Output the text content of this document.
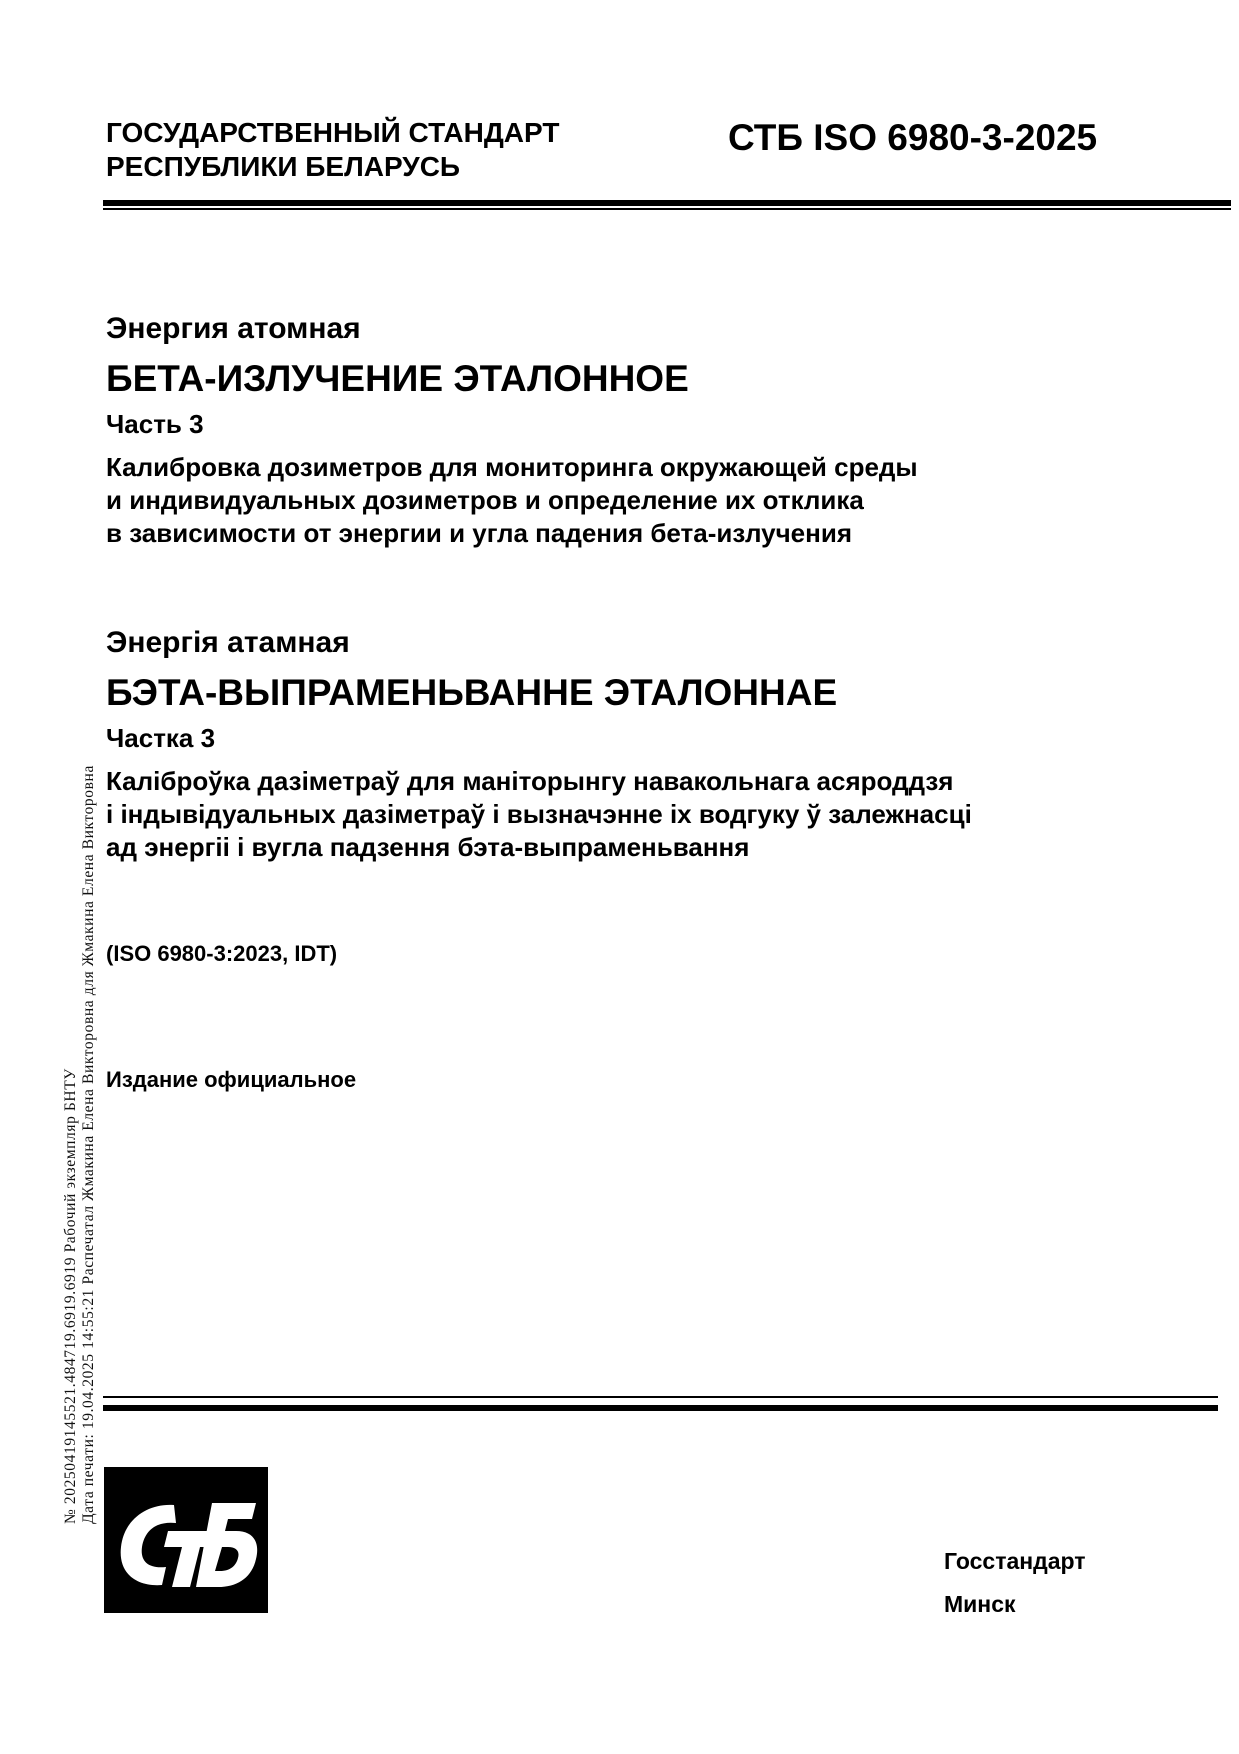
ГОСУДАРСТВЕННЫЙ СТАНДАРТ
РЕСПУБЛИКИ БЕЛАРУСЬ
СТБ ISO 6980-3-2025
Энергия атомная
БЕТА-ИЗЛУЧЕНИЕ ЭТАЛОННОЕ
Часть 3
Калибровка дозиметров для мониторинга окружающей среды
и индивидуальных дозиметров и определение их отклика
в зависимости от энергии и угла падения бета-излучения
Энергія атамная
БЭТА-ВЫПРАМЕНЬВАННЕ ЭТАЛОННАЕ
Частка 3
Каліброўка дазіметраў для маніторынгу навакольнага асяроддзя
і індывідуальных дазіметраў і вызначэнне іх водгуку ў залежнасці
ад энергіі і вугла падзення бэта-выпраменьвання
(ISO 6980-3:2023, IDT)
Издание официальное
№ 20250419145521.484719.6919.6919 Рабочий экземпляр БНТУ Дата печати: 19.04.2025 14:55:21 Распечатал Жмакина Елена Викторовна для Жмакина Елена Викторовна
Госстандарт
Минск
